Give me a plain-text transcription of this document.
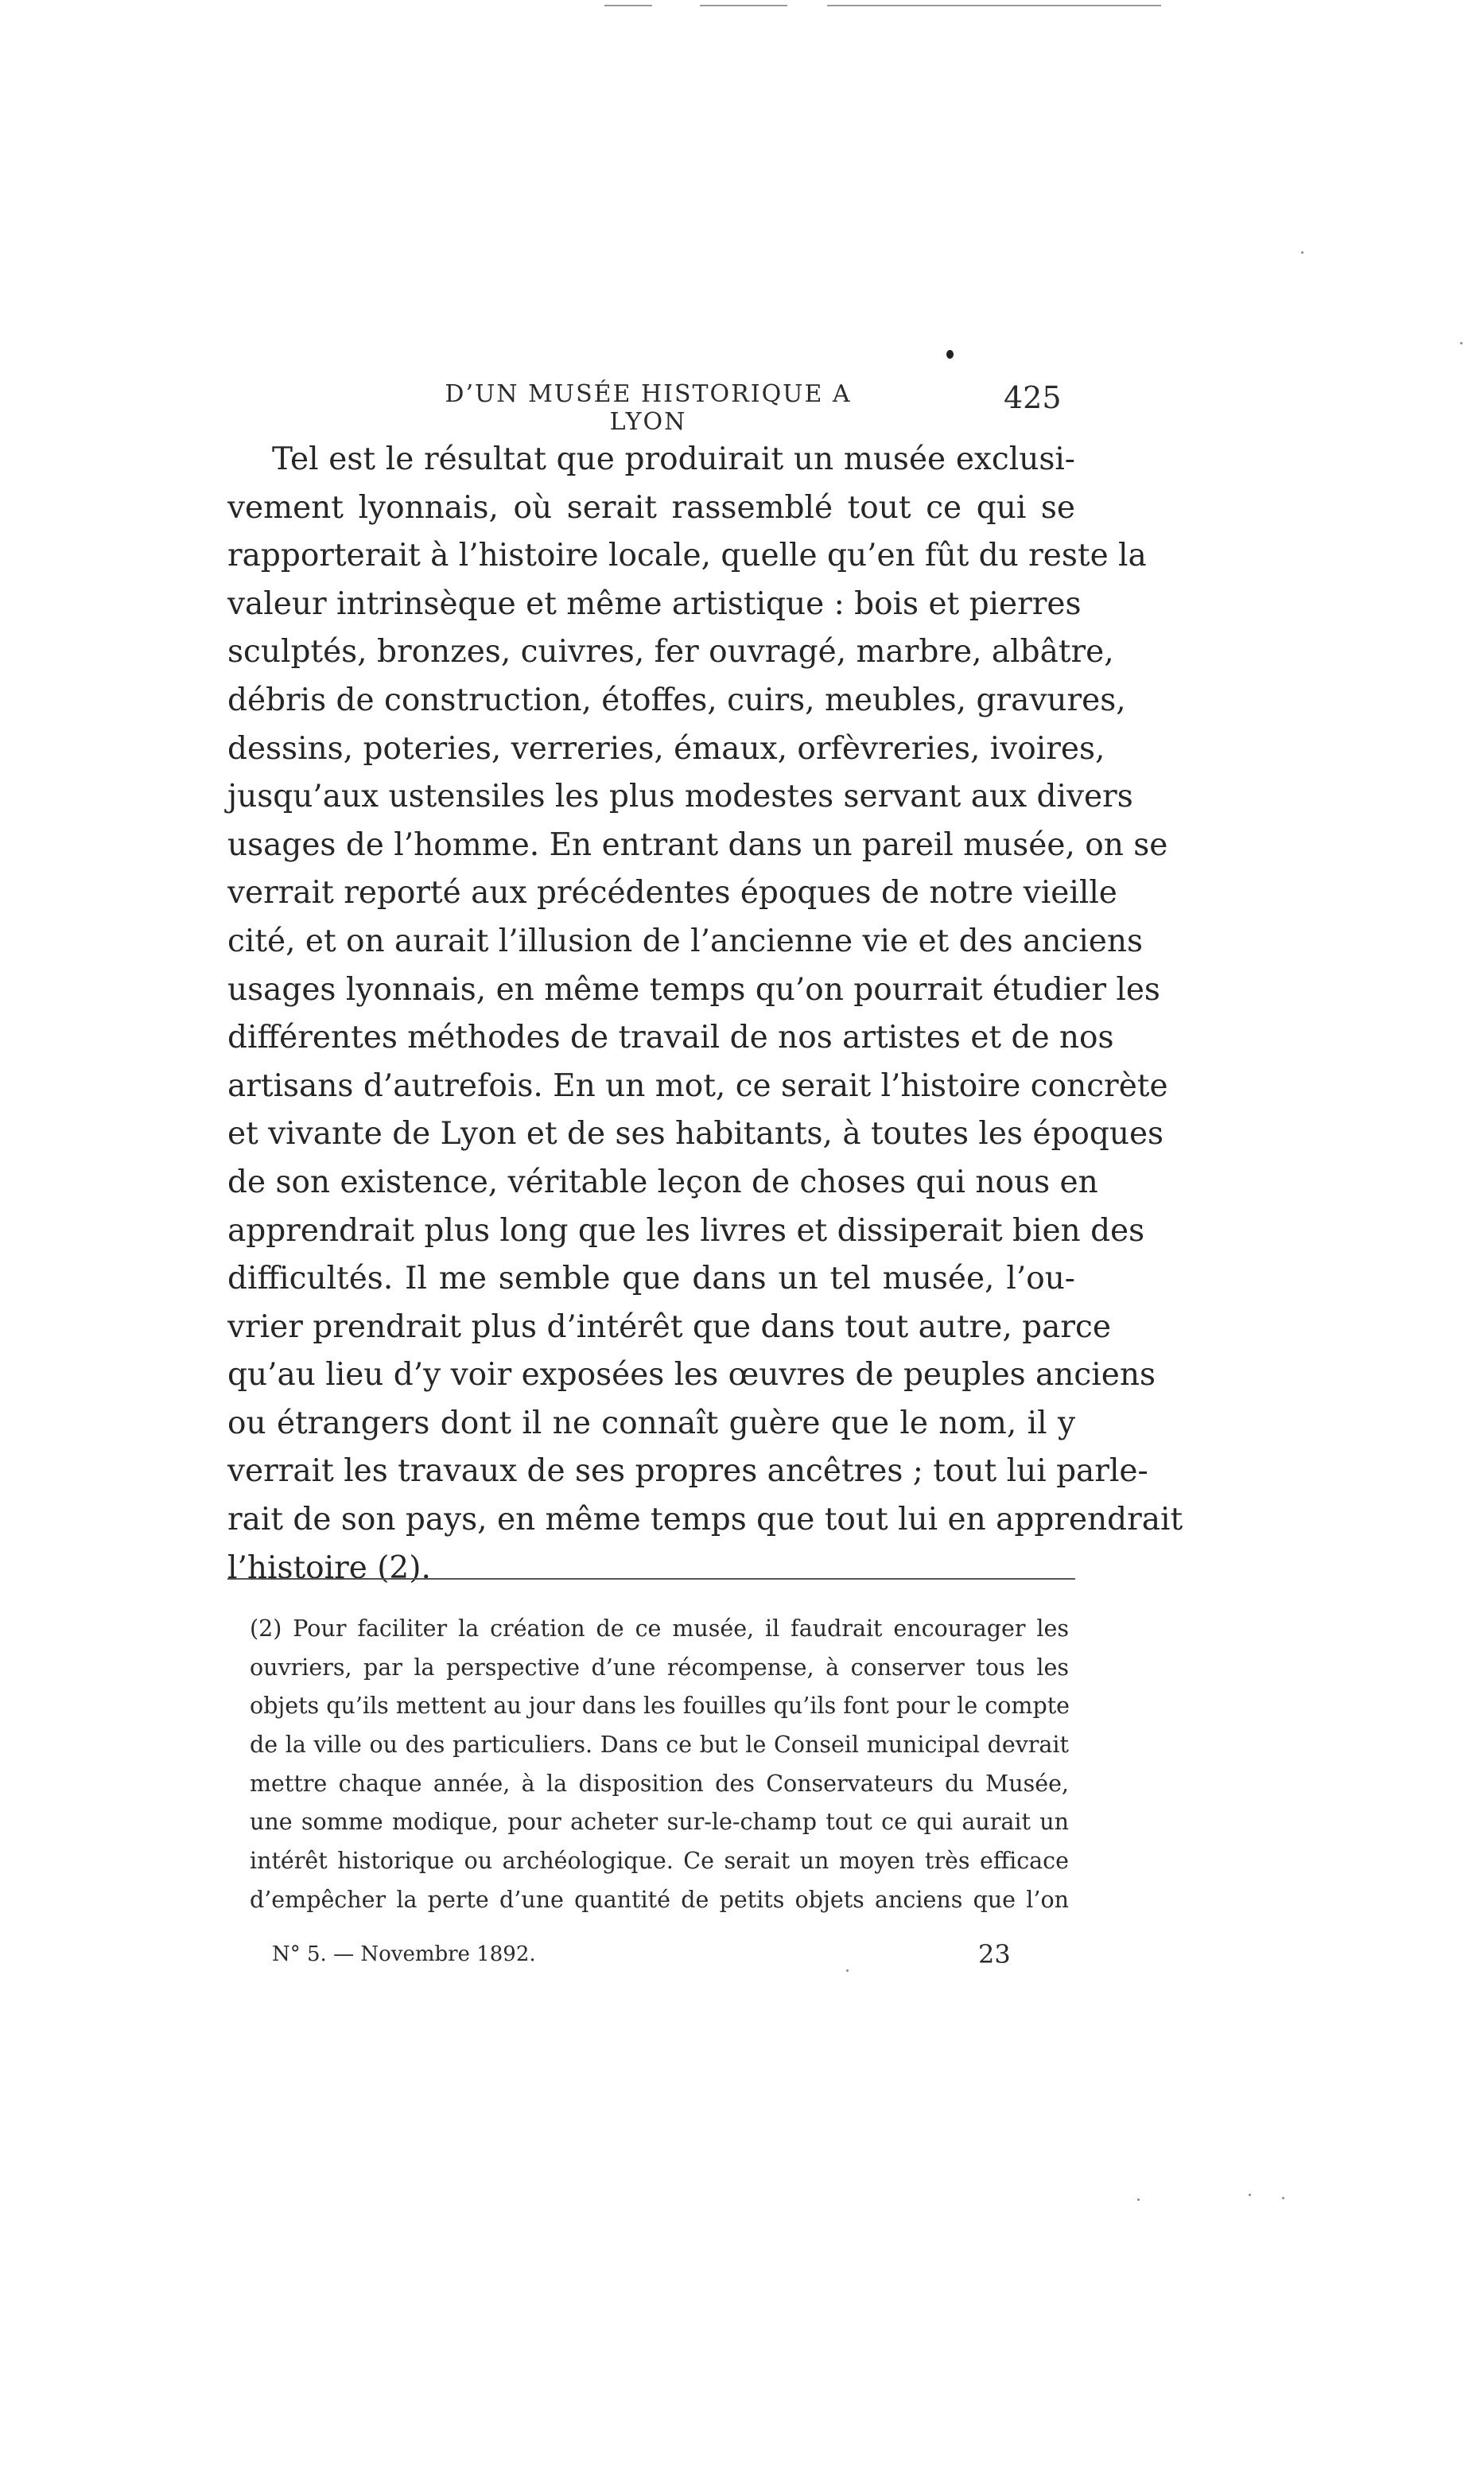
D’UN MUSÉE HISTORIQUE A LYON
425
Tel est le résultat que produirait un musée exclusi-
vement lyonnais, où serait rassemblé tout ce qui se
rapporterait à l’histoire locale, quelle qu’en fût du reste la
valeur intrinsèque et même artistique : bois et pierres
sculptés, bronzes, cuivres, fer ouvragé, marbre, albâtre,
débris de construction, étoffes, cuirs, meubles, gravures,
dessins, poteries, verreries, émaux, orfèvreries, ivoires,
jusqu’aux ustensiles les plus modestes servant aux divers
usages de l’homme. En entrant dans un pareil musée, on se
verrait reporté aux précédentes époques de notre vieille
cité, et on aurait l’illusion de l’ancienne vie et des anciens
usages lyonnais, en même temps qu’on pourrait étudier les
différentes méthodes de travail de nos artistes et de nos
artisans d’autrefois. En un mot, ce serait l’histoire concrète
et vivante de Lyon et de ses habitants, à toutes les époques
de son existence, véritable leçon de choses qui nous en
apprendrait plus long que les livres et dissiperait bien des
difficultés. Il me semble que dans un tel musée, l’ou-
vrier prendrait plus d’intérêt que dans tout autre, parce
qu’au lieu d’y voir exposées les œuvres de peuples anciens
ou étrangers dont il ne connaît guère que le nom, il y
verrait les travaux de ses propres ancêtres ; tout lui parle-
rait de son pays, en même temps que tout lui en apprendrait
l’histoire (2).
(2) Pour faciliter la création de ce musée, il faudrait encourager les
ouvriers, par la perspective d’une récompense, à conserver tous les
objets qu’ils mettent au jour dans les fouilles qu’ils font pour le compte
de la ville ou des particuliers. Dans ce but le Conseil municipal devrait
mettre chaque année, à la disposition des Conservateurs du Musée,
une somme modique, pour acheter sur-le-champ tout ce qui aurait un
intérêt historique ou archéologique. Ce serait un moyen très efficace
d’empêcher la perte d’une quantité de petits objets anciens que l’on
N° 5. — Novembre 1892.	23
